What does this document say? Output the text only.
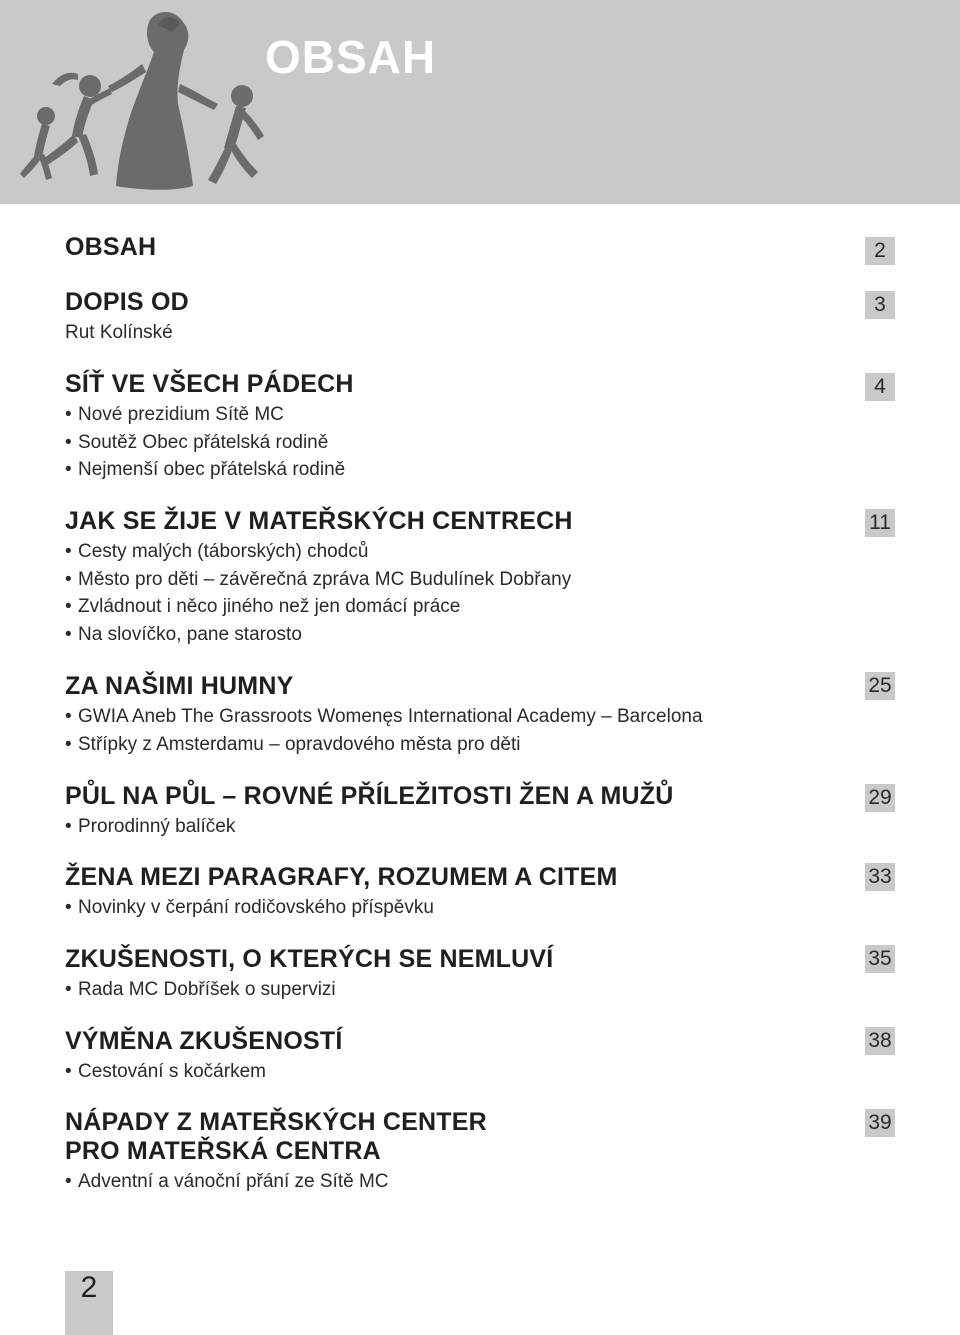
OBSAH
OBSAH	2
DOPIS OD
Rut Kolínské
3
SÍŤ VE VŠECH PÁDECH
• Nové prezidium Sítě MC
• Soutěž Obec přátelská rodině
• Nejmenší obec přátelská rodině
4
JAK SE ŽIJE V MATEŘSKÝCH CENTRECH
• Cesty malých (táborských) chodců
• Město pro děti – závěrečná zpráva MC Budulínek Dobřany
• Zvládnout i něco jiného než jen domácí práce
• Na slovíčko, pane starosto
11
ZA NAŠIMI HUMNY
• GWIA Aneb The Grassroots Womenęs International Academy – Barcelona
• Střípky z Amsterdamu – opravdového města pro děti
25
PŮL NA PŮL – ROVNÉ PŘÍLEŽITOSTI ŽEN A MUŽŮ
• Prorodinný balíček
29
ŽENA MEZI PARAGRAFY, ROZUMEM A CITEM
• Novinky v čerpání rodičovského příspěvku
33
ZKUŠENOSTI, O KTERÝCH SE NEMLUVÍ
• Rada MC Dobříšek o supervizi
35
VÝMĚNA ZKUŠENOSTÍ
• Cestování s kočárkem
38
NÁPADY Z MATEŘSKÝCH CENTER
PRO MATEŘSKÁ CENTRA
• Adventní a vánoční přání ze Sítě MC
39
2
